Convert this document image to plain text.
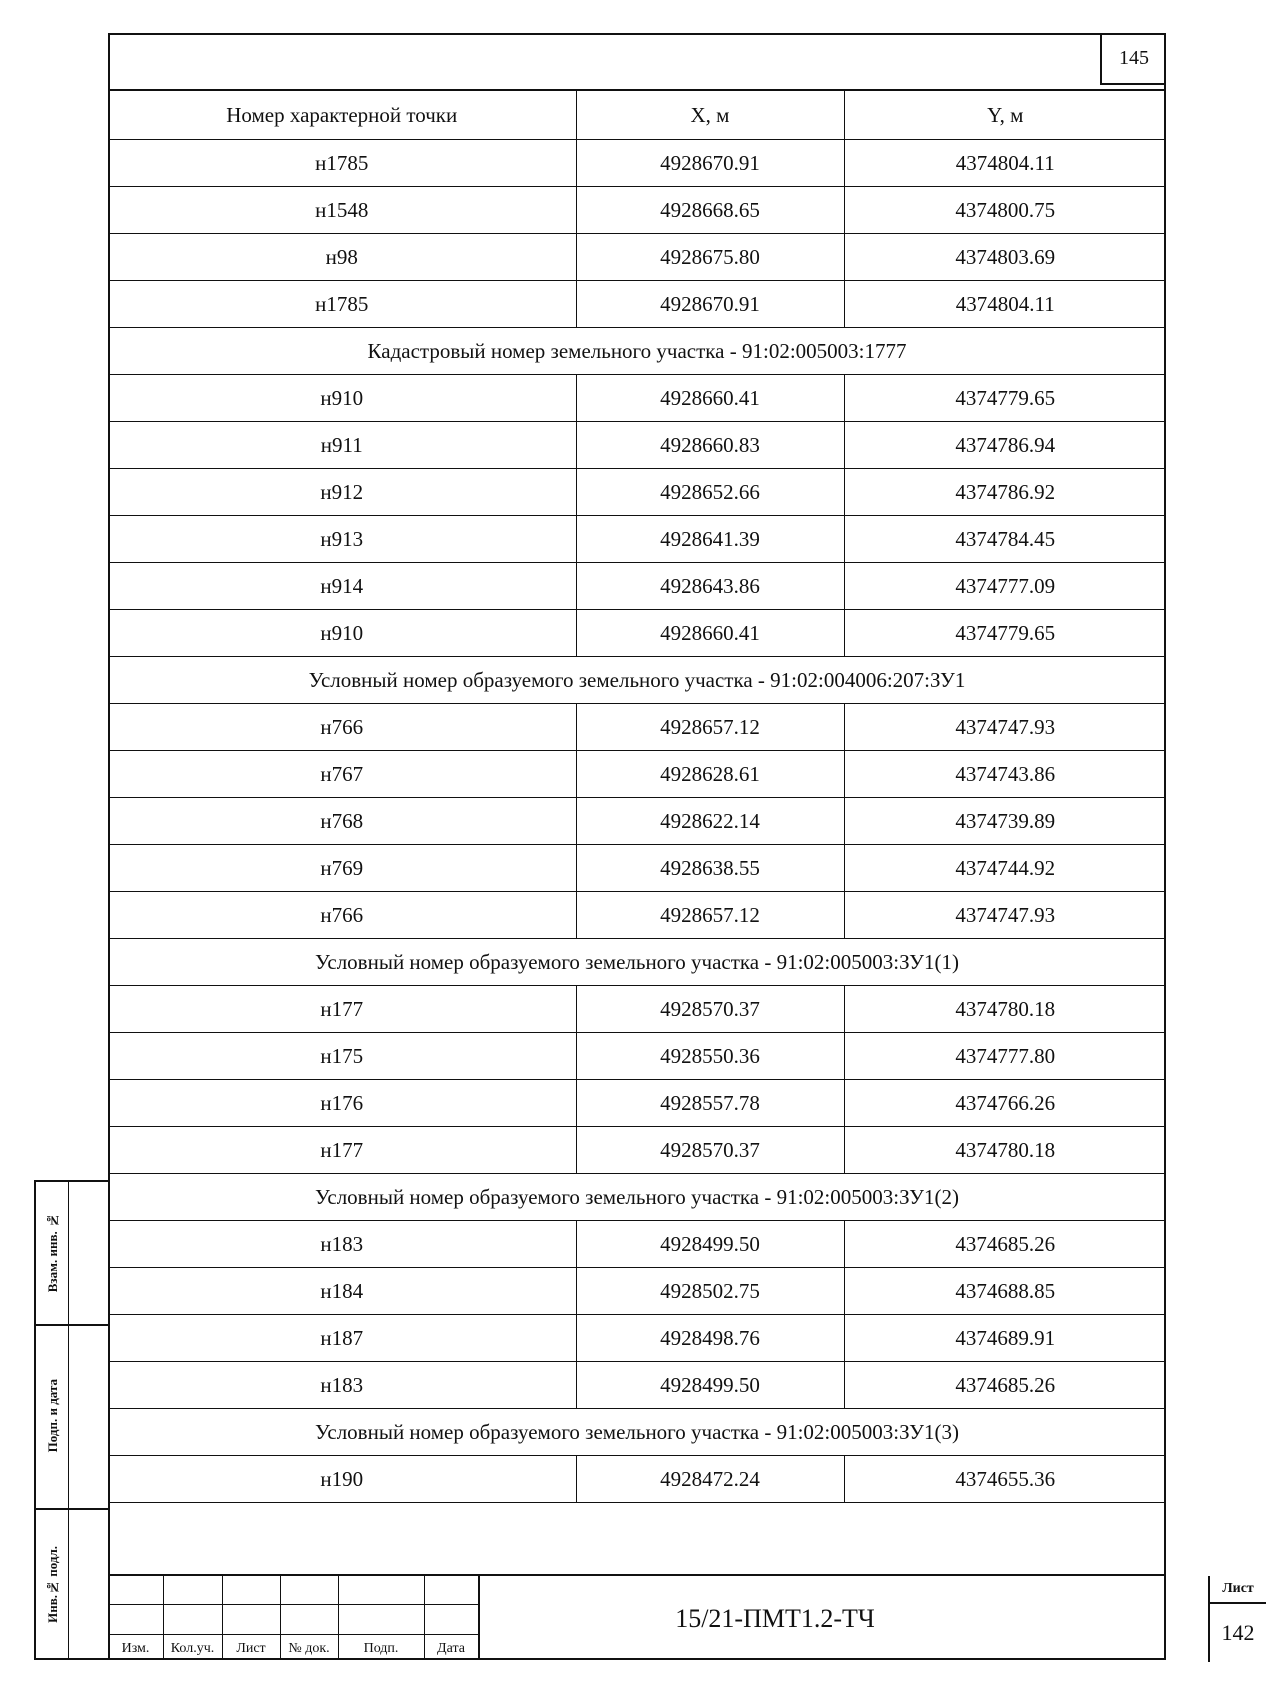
145
Номер характерной точки	X, м	Y, м
н1785	4928670.91	4374804.11
н1548	4928668.65	4374800.75
н98	4928675.80	4374803.69
н1785	4928670.91	4374804.11
Кадастровый номер земельного участка - 91:02:005003:1777		
н910	4928660.41	4374779.65
н911	4928660.83	4374786.94
н912	4928652.66	4374786.92
н913	4928641.39	4374784.45
н914	4928643.86	4374777.09
н910	4928660.41	4374779.65
Условный номер образуемого земельного участка - 91:02:004006:207:ЗУ1		
н766	4928657.12	4374747.93
н767	4928628.61	4374743.86
н768	4928622.14	4374739.89
н769	4928638.55	4374744.92
н766	4928657.12	4374747.93
Условный номер образуемого земельного участка - 91:02:005003:ЗУ1(1)		
н177	4928570.37	4374780.18
н175	4928550.36	4374777.80
н176	4928557.78	4374766.26
н177	4928570.37	4374780.18
Условный номер образуемого земельного участка - 91:02:005003:ЗУ1(2)		
н183	4928499.50	4374685.26
н184	4928502.75	4374688.85
н187	4928498.76	4374689.91
н183	4928499.50	4374685.26
Условный номер образуемого земельного участка - 91:02:005003:ЗУ1(3)		
н190	4928472.24	4374655.36
Взам. инв. №
Подп. и дата
Инв.№ подл.
Изм.	Кол.уч.	Лист	№ док.	Подп.	Дата
15/21-ПМТ1.2-ТЧ
Лист
142
